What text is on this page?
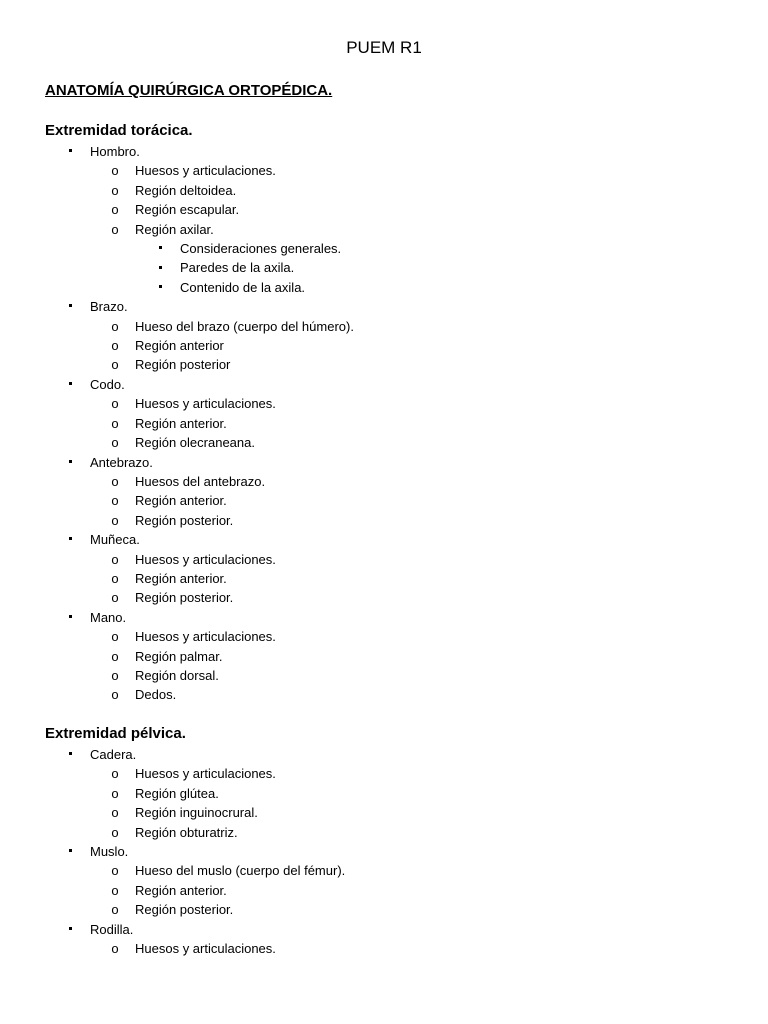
PUEM R1
ANATOMÍA QUIRÚRGICA ORTOPÉDICA.
Extremidad torácica.
Hombro.
o Huesos y articulaciones.
o Región deltoidea.
o Región escapular.
o Región axilar.
Consideraciones generales.
Paredes de la axila.
Contenido de la axila.
Brazo.
o Hueso del brazo (cuerpo del húmero).
o Región anterior
o Región posterior
Codo.
o Huesos y articulaciones.
o Región anterior.
o Región olecraneana.
Antebrazo.
o Huesos del antebrazo.
o Región anterior.
o Región posterior.
Muñeca.
o Huesos y articulaciones.
o Región anterior.
o Región posterior.
Mano.
o Huesos y articulaciones.
o Región palmar.
o Región dorsal.
o Dedos.
Extremidad pélvica.
Cadera.
o Huesos y articulaciones.
o Región glútea.
o Región inguinocrural.
o Región obturatriz.
Muslo.
o Hueso del muslo (cuerpo del fémur).
o Región anterior.
o Región posterior.
Rodilla.
o Huesos y articulaciones.
